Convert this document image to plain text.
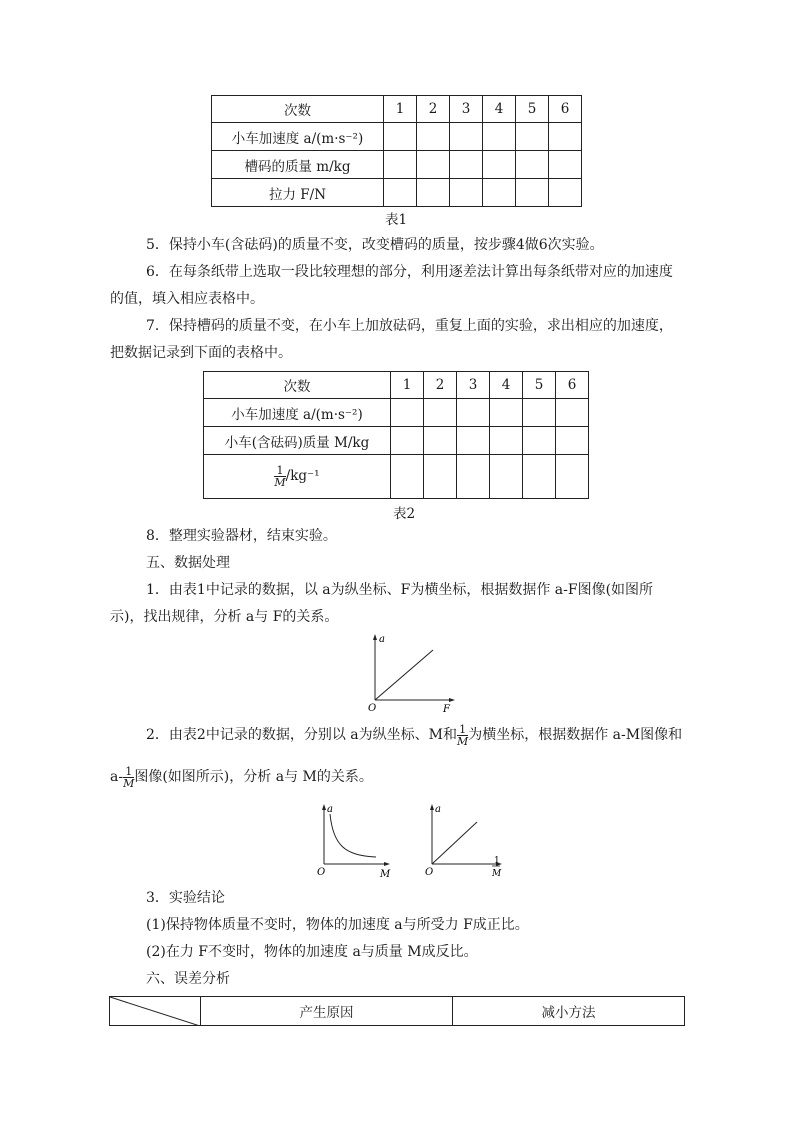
次数	1	2	3	4	5	6
小车加速度 a/(m·s⁻²)						
槽码的质量 m/kg						
拉力 F/N						
表1
5．保持小车(含砝码)的质量不变，改变槽码的质量，按步骤4做6次实验。
6．在每条纸带上选取一段比较理想的部分，利用逐差法计算出每条纸带对应的加速度
的值，填入相应表格中。
7．保持槽码的质量不变，在小车上加放砝码，重复上面的实验，求出相应的加速度，
把数据记录到下面的表格中。
次数	1	2	3	4	5	6
小车加速度 a/(m·s⁻²)						
小车(含砝码)质量 M/kg						

$\frac{1}{M} /kg^{-1}$						
表2
8．整理实验器材，结束实验。
五、数据处理
1．由表1中记录的数据，以 a为纵坐标、F为横坐标，根据数据作 a-F图像(如图所
示)，找出规律，分析 a与 F的关系。
a
O	F
2．由表2中记录的数据，分别以 a为纵坐标、M和 $\frac{1}{M}$ 为横坐标，根据数据作 a-M图像和
$a- \frac{1}{M}$ 图像(如图所示)，分析 a与 M的关系。
a
O	M
a
O
1
M
3．实验结论
(1)保持物体质量不变时，物体的加速度 a与所受力 F成正比。
(2)在力 F不变时，物体的加速度 a与质量 M成反比。
六、误差分析
	产生原因	减小方法
